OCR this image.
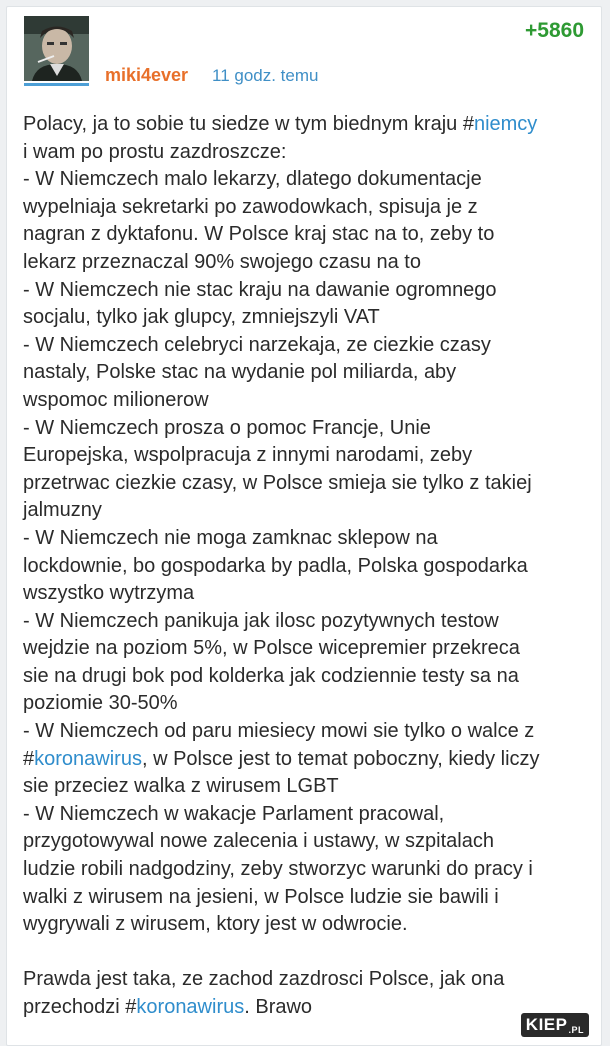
miki4ever 11 godz. temu
+5860
Polacy, ja to sobie tu siedze w tym biednym kraju #niemcy
i wam po prostu zazdroszcze:
- W Niemczech malo lekarzy, dlatego dokumentacje
wypelniaja sekretarki po zawodowkach, spisuja je z
nagran z dyktafonu. W Polsce kraj stac na to, zeby to
lekarz przeznaczal 90% swojego czasu na to
- W Niemczech nie stac kraju na dawanie ogromnego
socjalu, tylko jak glupcy, zmniejszyli VAT
- W Niemczech celebryci narzekaja, ze ciezkie czasy
nastaly, Polske stac na wydanie pol miliarda, aby
wspomoc milionerow
- W Niemczech prosza o pomoc Francje, Unie
Europejska, wspolpracuja z innymi narodami, zeby
przetrwac ciezkie czasy, w Polsce smieja sie tylko z takiej
jalmuzny
- W Niemczech nie moga zamknac sklepow na
lockdownie, bo gospodarka by padla, Polska gospodarka
wszystko wytrzyma
- W Niemczech panikuja jak ilosc pozytywnych testow
wejdzie na poziom 5%, w Polsce wicepremier przekreca
sie na drugi bok pod kolderka jak codziennie testy sa na
poziomie 30-50%
- W Niemczech od paru miesiecy mowi sie tylko o walce z
#koronawirus, w Polsce jest to temat poboczny, kiedy liczy
sie przeciez walka z wirusem LGBT
- W Niemczech w wakacje Parlament pracowal,
przygotowywal nowe zalecenia i ustawy, w szpitalach
ludzie robili nadgodziny, zeby stworzyc warunki do pracy i
walki z wirusem na jesieni, w Polsce ludzie sie bawili i
wygrywali z wirusem, ktory jest w odwrocie.
Prawda jest taka, ze zachod zazdrosci Polsce, jak ona
przechodzi #koronawirus. Brawo
KIEP .PL
